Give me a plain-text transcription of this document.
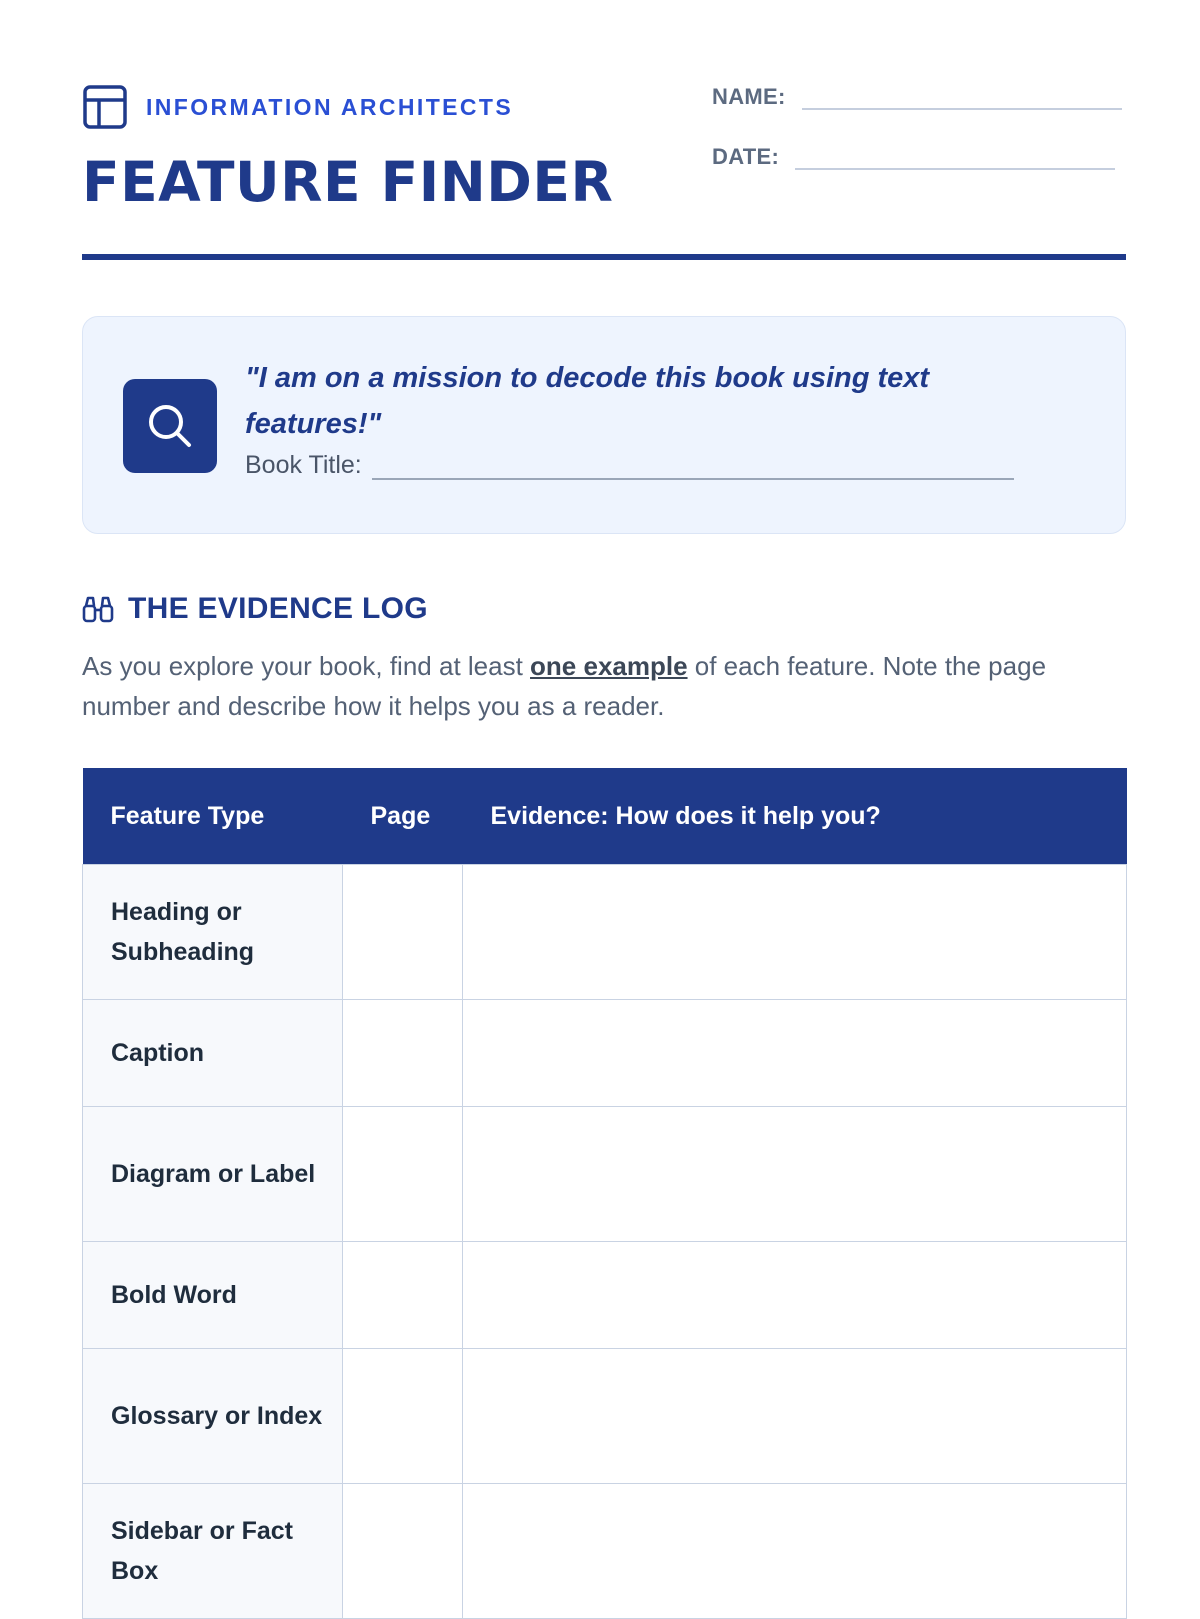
INFORMATION ARCHITECTS
FEATURE FINDER
NAME:
DATE:

"I am on a mission to decode this book using text features!"

Book Title:
THE EVIDENCE LOG

As you explore your book, find at least one example of each feature. Note the page number and describe how it helps you as a reader.

Feature Type	Page	Evidence: How does it help you?
Heading or Subheading		
Caption		
Diagram or Label		
Bold Word		
Glossary or Index		
Sidebar or Fact Box		
